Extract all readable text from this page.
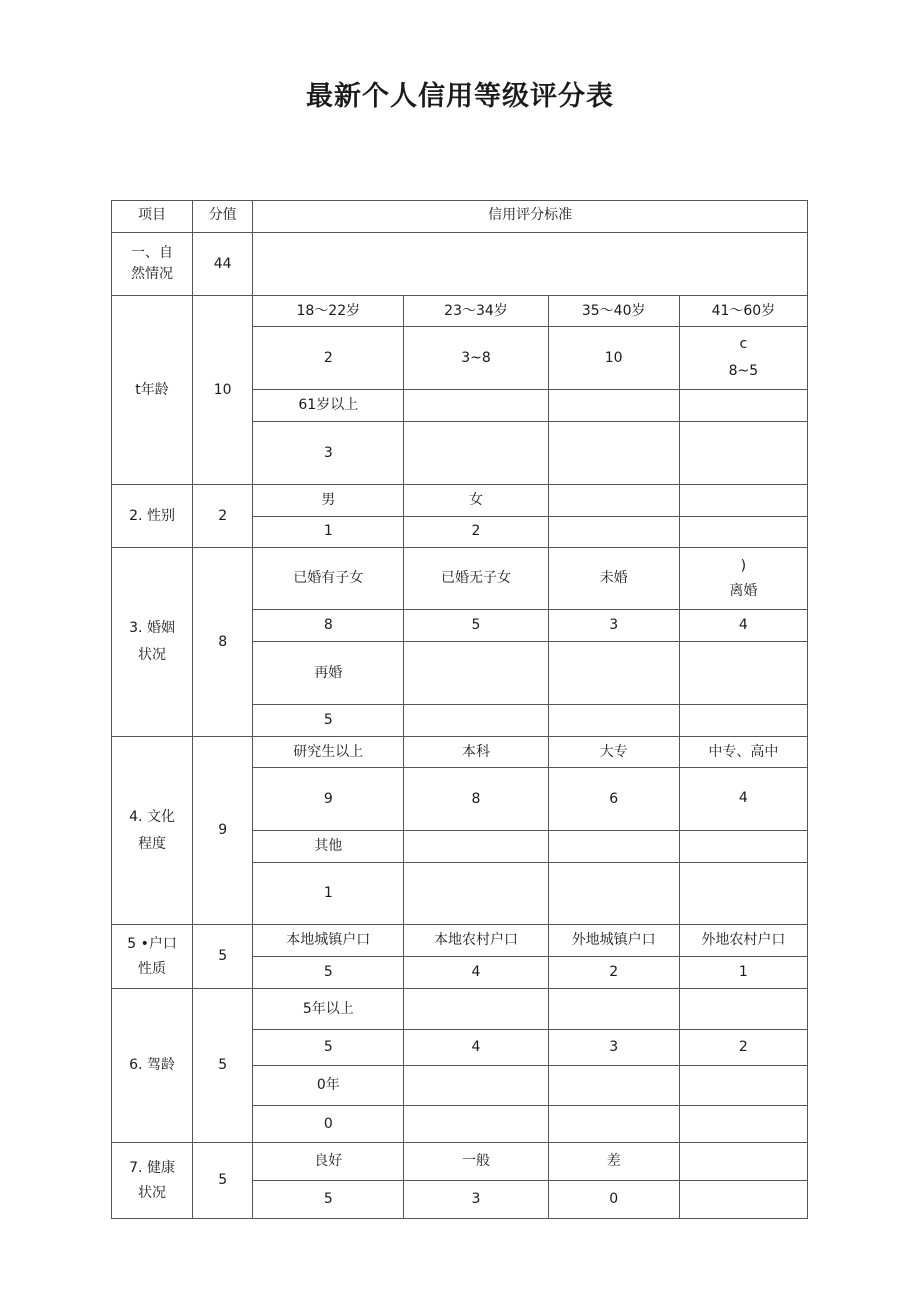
最新个人信用等级评分表
项目	分值	信用评分标准			

一、自
然情况	44				
t年龄	10	18～22岁	23～34岁	35～40岁	41～60岁
		2	3~8	10	c
8~5

		61岁以上			
		3			
2. 性别	2	男	女		
		1	2		

3. 婚姻
状况	8	已婚有子女	已婚无子女	未婚	)
离婚

		8	5	3	4
		再婚			
		5			

4. 文化
程度	9	研究生以上	本科	大专	中专、高中
		9	8	6	4
		其他			
		1			

5 •户口
性质	5	本地城镇户口	本地农村户口	外地城镇户口	外地农村户口
		5	4	2	1
6. 驾龄	5	5年以上			
		5	4	3	2
		0年			
		0			

7. 健康
状况	5	良好	一般	差	
		5	3	0	
